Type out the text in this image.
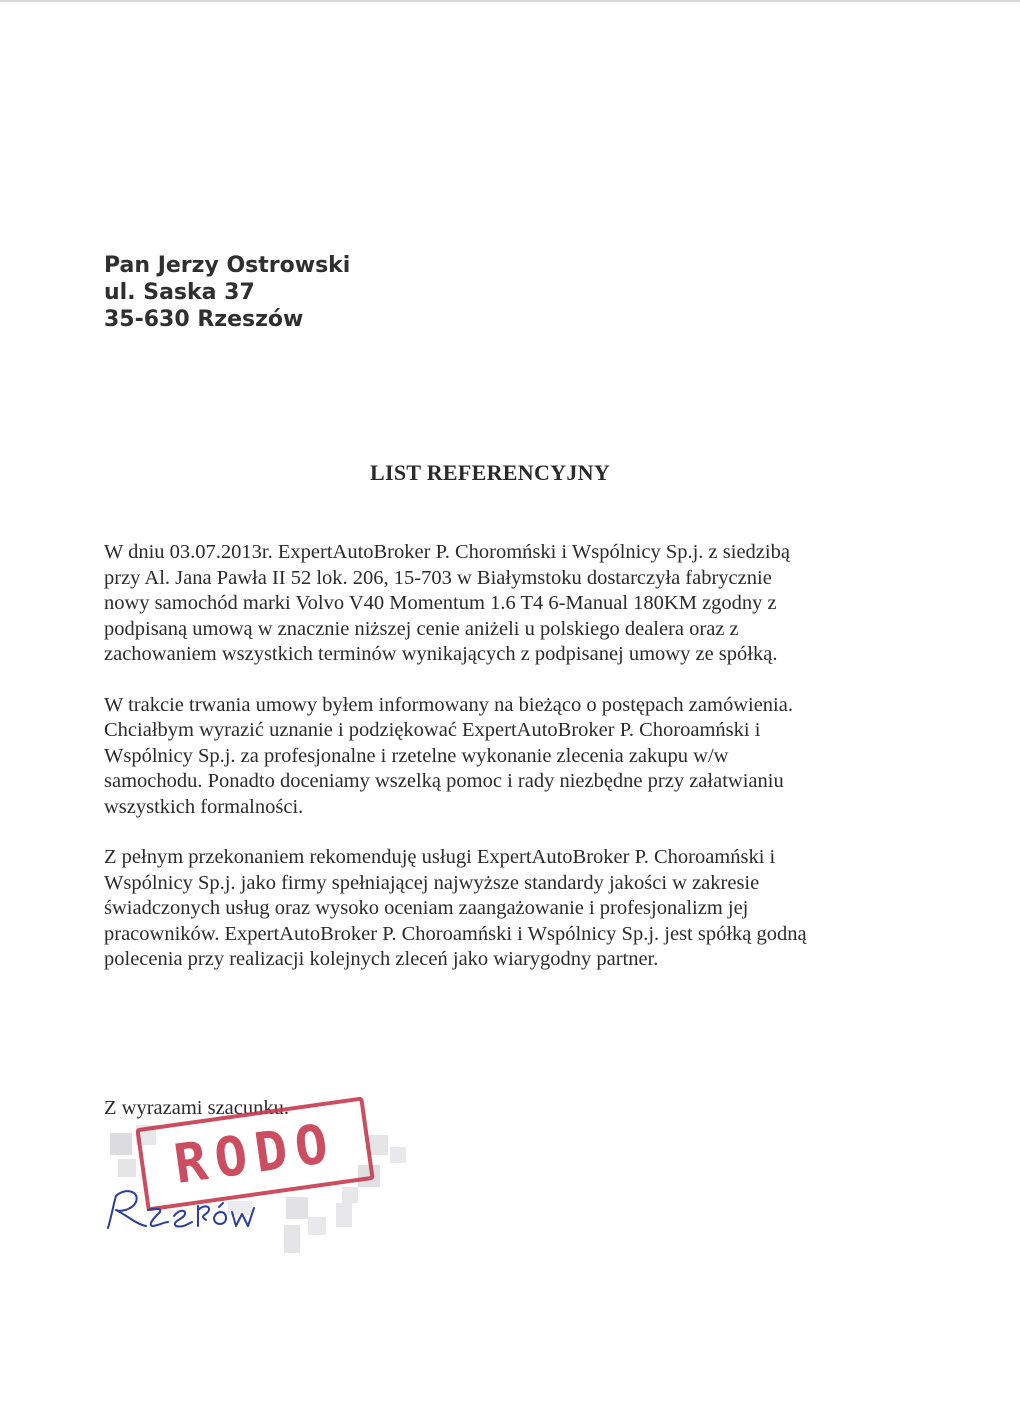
Pan Jerzy Ostrowski
ul. Saska 37
35-630 Rzeszów
LIST REFERENCYJNY

W dniu 03.07.2013r. ExpertAutoBroker P. Choromński i Wspólnicy Sp.j. z siedzibą
przy Al. Jana Pawła II 52 lok. 206, 15-703 w Białymstoku dostarczyła fabrycznie
nowy samochód marki Volvo V40 Momentum 1.6 T4 6-Manual 180KM zgodny z
podpisaną umową w znacznie niższej cenie aniżeli u polskiego dealera oraz z
zachowaniem wszystkich terminów wynikających z podpisanej umowy ze spółką.

W trakcie trwania umowy byłem informowany na bieżąco o postępach zamówienia.
Chciałbym wyrazić uznanie i podziękować ExpertAutoBroker P. Choroamński i
Wspólnicy Sp.j. za profesjonalne i rzetelne wykonanie zlecenia zakupu w/w
samochodu. Ponadto doceniamy wszelką pomoc i rady niezbędne przy załatwianiu
wszystkich formalności.

Z pełnym przekonaniem rekomenduję usługi ExpertAutoBroker P. Choroamński i
Wspólnicy Sp.j. jako firmy spełniającej najwyższe standardy jakości w zakresie
świadczonych usług oraz wysoko oceniam zaangażowanie i profesjonalizm jej
pracowników. ExpertAutoBroker P. Choroamński i Wspólnicy Sp.j. jest spółką godną
polecenia przy realizacji kolejnych zleceń jako wiarygodny partner.

Z wyrazami szacunku.
RODO
